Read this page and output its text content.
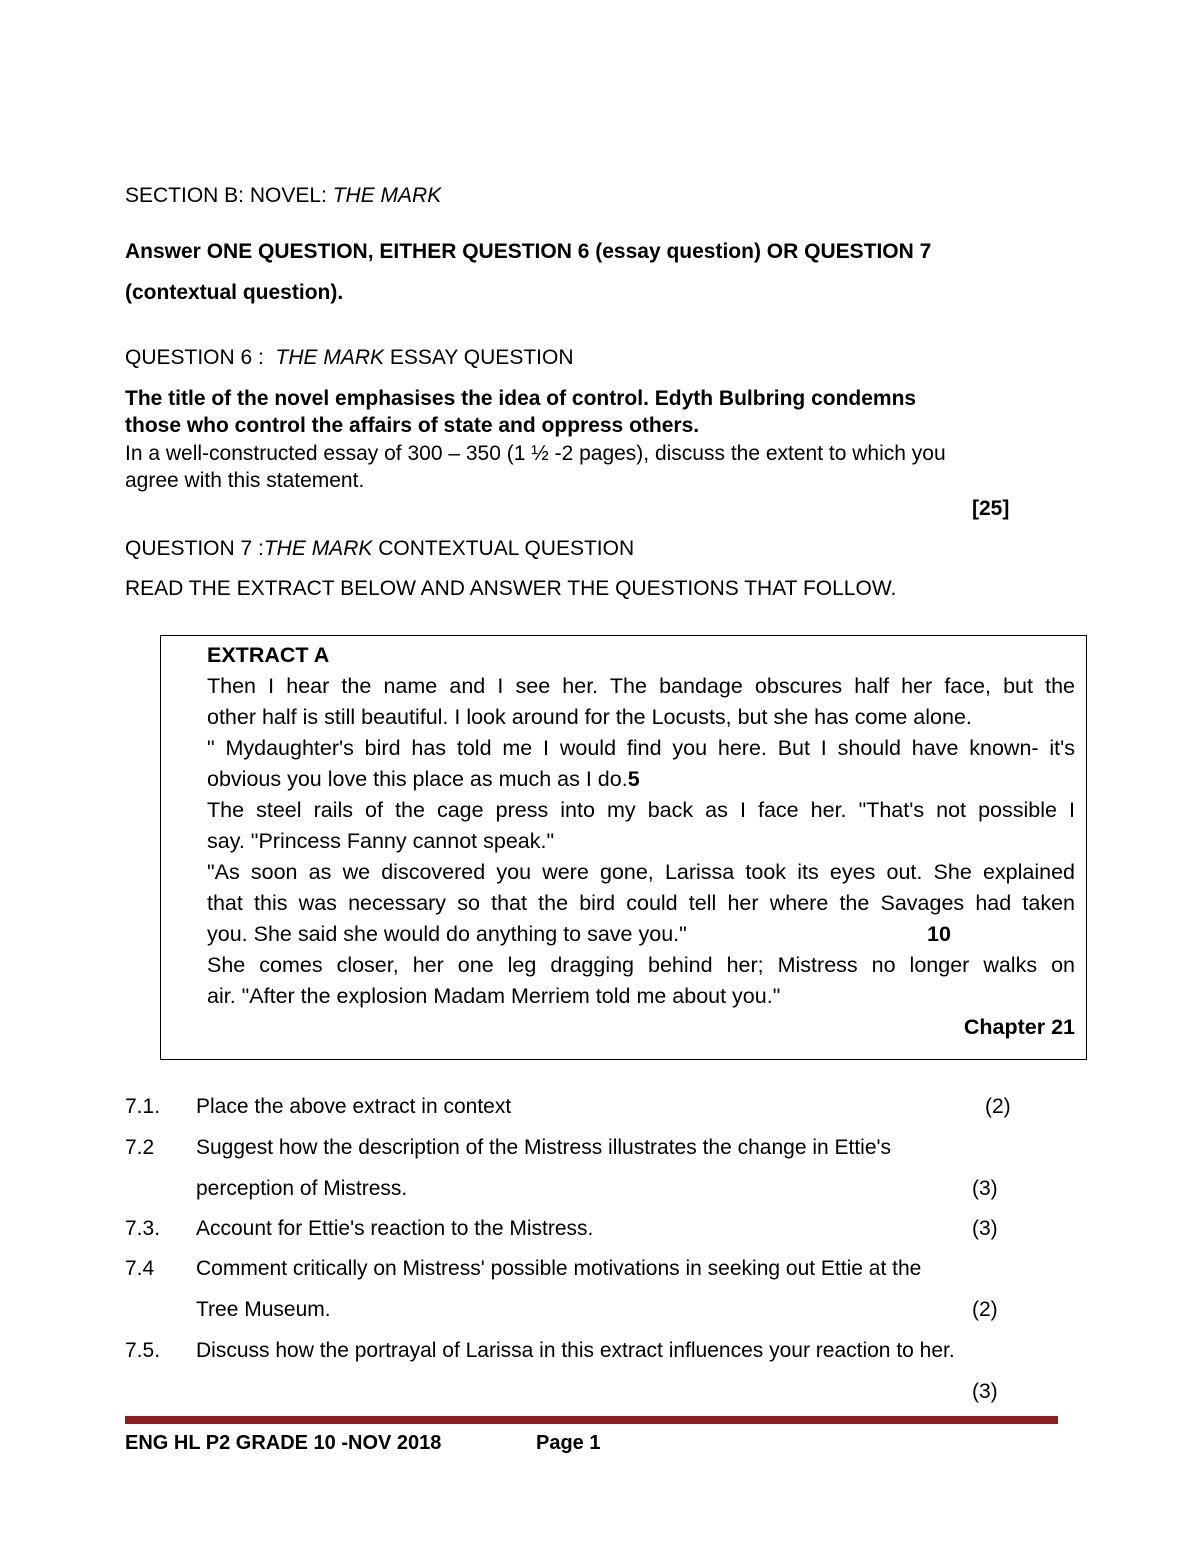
SECTION B: NOVEL: THE MARK

Answer ONE QUESTION, EITHER QUESTION 6 (essay question) OR QUESTION 7

(contextual question).

QUESTION 6 :  THE MARK ESSAY QUESTION

The title of the novel emphasises the idea of control. Edyth Bulbring condemns

those who control the affairs of state and oppress others.

In a well-constructed essay of 300 – 350 (1 ½ -2 pages), discuss the extent to which you

agree with this statement.

[25]

QUESTION 7 :THE MARK CONTEXTUAL QUESTION

READ THE EXTRACT BELOW AND ANSWER THE QUESTIONS THAT FOLLOW.

EXTRACT A
Then I hear the name and I see her. The bandage obscures half her face, but the
other half is still beautiful. I look around for the Locusts, but she has come alone.
" Mydaughter's bird has told me I would find you here. But I should have known- it's
obvious you love this place as much as I do.5
The steel rails of the cage press into my back as I face her. "That's not possible I
say. "Princess Fanny cannot speak."
"As soon as we discovered you were gone, Larissa took its eyes out. She explained
that this was necessary so that the bird could tell her where the Savages had taken
you. She said she would do anything to save you."	10
She comes closer, her one leg dragging behind her; Mistress no longer walks on
air. "After the explosion Madam Merriem told me about you."
Chapter 21
7.1. Place the above extract in context	(2)
7.2 Suggest how the description of the Mistress illustrates the change in Ettie's
perception of Mistress.	(3)
7.3. Account for Ettie's reaction to the Mistress.	(3)
7.4 Comment critically on Mistress' possible motivations in seeking out Ettie at the
Tree Museum.	(2)
7.5. Discuss how the portrayal of Larissa in this extract influences your reaction to her.
(3)

ENG HL P2 GRADE 10 -NOV 2018	Page 1
